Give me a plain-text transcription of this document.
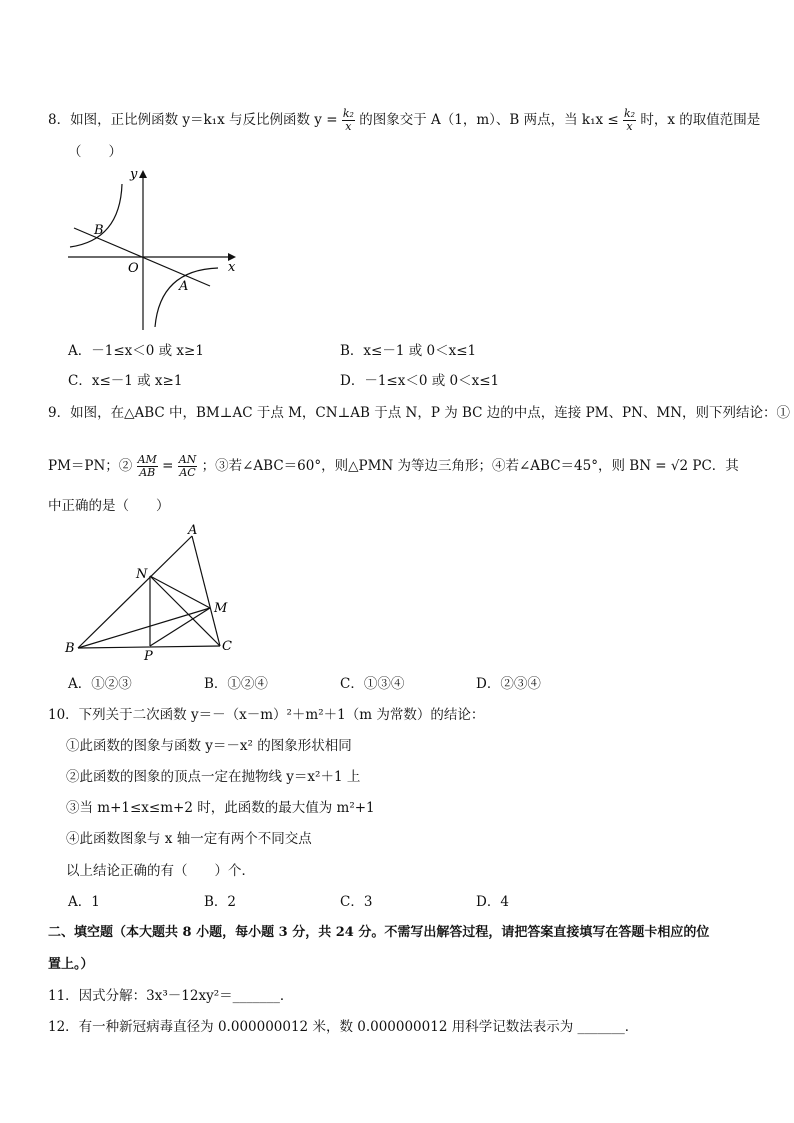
8．如图，正比例函数 y＝k₁x 与反比例函数 $y = \frac{\text{k₂}}{x}$ 的图象交于 A（1，m）、B 两点，当 $k_1x \le \frac{\text{k₂}}{x}$ 时，x 的取值范围是
（　　）
y
x
O
B
A
A．－1≤x＜0 或 x≥1	B．x≤－1 或 0＜x≤1
C．x≤－1 或 x≥1	D．－1≤x＜0 或 0＜x≤1
9．如图，在△ABC 中，BM⊥AC 于点 M，CN⊥AB 于点 N，P 为 BC 边的中点，连接 PM、PN、MN，则下列结论：①
PM＝PN；② $\frac{AM}{AB} = \frac{AN}{AC}$ ；③若∠ABC＝60°，则△PMN 为等边三角形；④若∠ABC＝45°，则 BN = √2 PC．其
中正确的是（　　）
A
N
M
B	C
P
A．①②③	B．①②④	C．①③④	D．②③④
10．下列关于二次函数 y＝－（x－m）²＋m²＋1（m 为常数）的结论：
①此函数的图象与函数 y＝－x² 的图象形状相同
②此函数的图象的顶点一定在抛物线 y＝x²＋1 上
③当 m+1≤x≤m+2 时，此函数的最大值为 m²+1
④此函数图象与 x 轴一定有两个不同交点
以上结论正确的有（　　）个．
A．1	B．2	C．3	D．4
二、填空题（本大题共 8 小题，每小题 3 分，共 24 分。不需写出解答过程，请把答案直接填写在答题卡相应的位
置上。）
11．因式分解：3x³－12xy²＝_______．
12．有一种新冠病毒直径为 0.000000012 米，数 0.000000012 用科学记数法表示为 _______．
